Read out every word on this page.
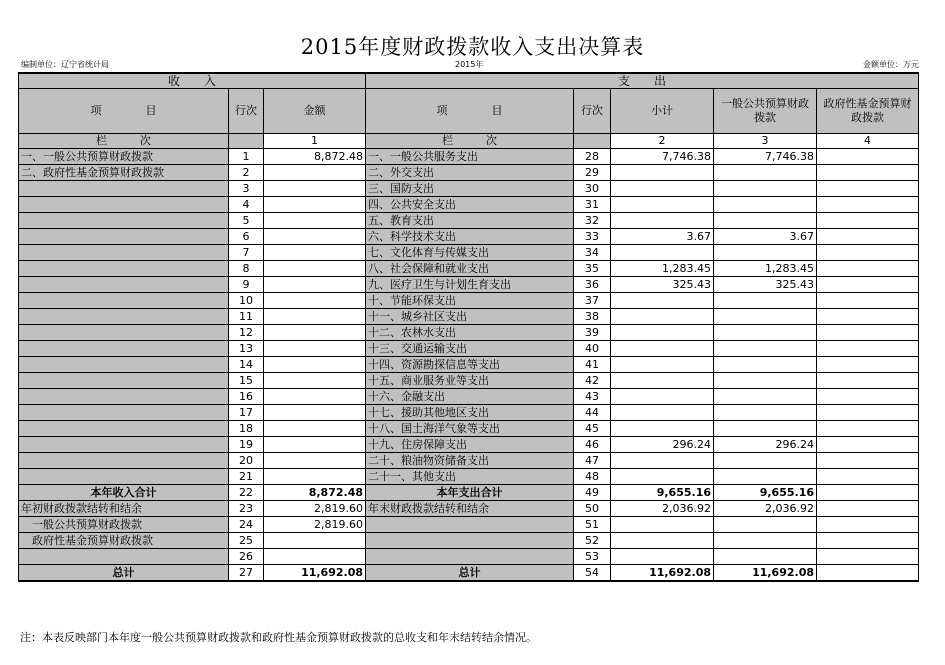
2015年度财政拨款收入支出决算表
编制单位：辽宁省统计局	2015年	金额单位：万元
收　　入			支　　出				
项　　　　目	行次	金额	项　　　　目	行次	小计	一般公共预算财政拨款	政府性基金预算财政拨款
栏　　　次		1	栏　　　次		2	3	4
一、一般公共预算财政拨款	1	8,872.48	一、一般公共服务支出	28	7,746.38	7,746.38	
二、政府性基金预算财政拨款	2		二、外交支出	29			
	3		三、国防支出	30			
	4		四、公共安全支出	31			
	5		五、教育支出	32			
	6		六、科学技术支出	33	3.67	3.67	
	7		七、文化体育与传媒支出	34			
	8		八、社会保障和就业支出	35	1,283.45	1,283.45	
	9		九、医疗卫生与计划生育支出	36	325.43	325.43	
	10		十、节能环保支出	37			
	11		十一、城乡社区支出	38			
	12		十二、农林水支出	39			
	13		十三、交通运输支出	40			
	14		十四、资源勘探信息等支出	41			
	15		十五、商业服务业等支出	42			
	16		十六、金融支出	43			
	17		十七、援助其他地区支出	44			
	18		十八、国土海洋气象等支出	45			
	19		十九、住房保障支出	46	296.24	296.24	
	20		二十、粮油物资储备支出	47			
	21		二十一、其他支出	48			
本年收入合计	22	8,872.48	本年支出合计	49	9,655.16	9,655.16	
年初财政拨款结转和结余	23	2,819.60	年末财政拨款结转和结余	50	2,036.92	2,036.92	
　一般公共预算财政拨款	24	2,819.60		51			
　政府性基金预算财政拨款	25			52			
	26			53			
总计	27	11,692.08	总计	54	11,692.08	11,692.08	
注：本表反映部门本年度一般公共预算财政拨款和政府性基金预算财政拨款的总收支和年末结转结余情况。
